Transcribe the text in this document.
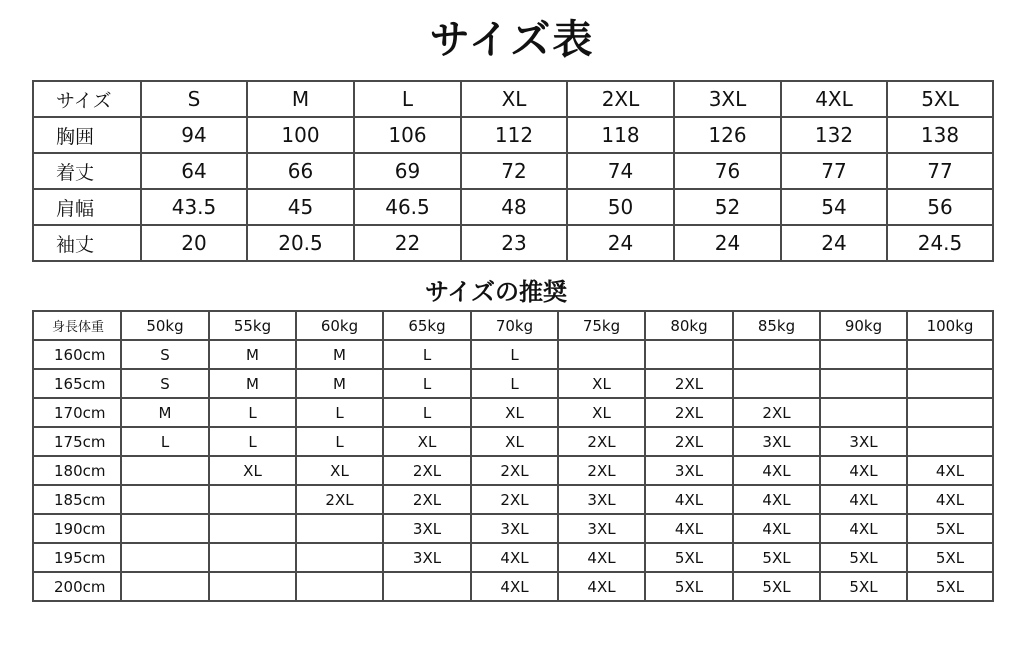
サイズ表
サイズ	S	M	L	XL	2XL	3XL	4XL	5XL
胸囲	94	100	106	112	118	126	132	138
着丈	64	66	69	72	74	76	77	77
肩幅	43.5	45	46.5	48	50	52	54	56
袖丈	20	20.5	22	23	24	24	24	24.5
サイズの推奨
身長体重	50kg	55kg	60kg	65kg	70kg	75kg	80kg	85kg	90kg	100kg
160cm	S	M	M	L	L					
165cm	S	M	M	L	L	XL	2XL			
170cm	M	L	L	L	XL	XL	2XL	2XL		
175cm	L	L	L	XL	XL	2XL	2XL	3XL	3XL	
180cm		XL	XL	2XL	2XL	2XL	3XL	4XL	4XL	4XL
185cm			2XL	2XL	2XL	3XL	4XL	4XL	4XL	4XL
190cm				3XL	3XL	3XL	4XL	4XL	4XL	5XL
195cm				3XL	4XL	4XL	5XL	5XL	5XL	5XL
200cm					4XL	4XL	5XL	5XL	5XL	5XL
